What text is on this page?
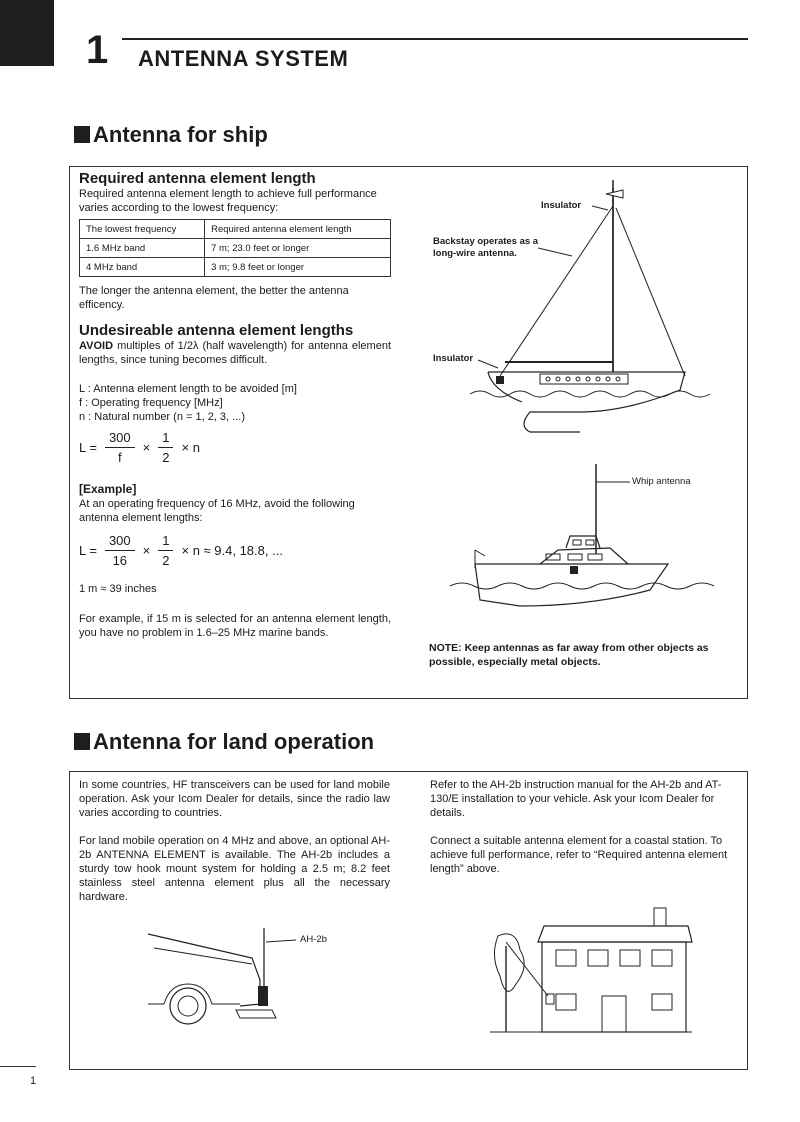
1 ANTENNA SYSTEM
Antenna for ship
Required antenna element length
Required antenna element length to achieve full performance varies according to the lowest frequency:
The lowest frequency	Required antenna element length
1.6 MHz band	7 m; 23.0 feet or longer
4 MHz band	3 m; 9.8 feet or longer
The longer the antenna element, the better the antenna efficency.
Undesireable antenna element lengths
AVOID multiples of 1/2λ (half wavelength) for antenna element lengths, since tuning becomes difficult.
L : Antenna element length to be avoided [m]
f : Operating frequency [MHz]
n : Natural number (n = 1, 2, 3, ...)
$L = \frac{300}{f} \times \frac{1}{2} \times n$
[Example]
At an operating frequency of 16 MHz, avoid the following antenna element lengths:
$L = \frac{300}{16} \times \frac{1}{2} \times n \approx 9.4$, 18.8, ...
1 m ≈ 39 inches
For example, if 15 m is selected for an antenna element length, you have no problem in 1.6–25 MHz marine bands.
Insulator
Backstay operates as a long-wire antenna.
Insulator
Whip antenna
NOTE: Keep antennas as far away from other objects as possible, especially metal objects.
Antenna for land operation
In some countries, HF transceivers can be used for land mobile operation. Ask your Icom Dealer for details, since the radio law varies according to countries.
For land mobile operation on 4 MHz and above, an optional AH-2b ANTENNA ELEMENT is available. The AH-2b includes a sturdy tow hook mount system for holding a 2.5 m; 8.2 feet stainless steel antenna element plus all the necessary hardware.
Refer to the AH-2b instruction manual for the AH-2b and AT-130/E installation to your vehicle. Ask your Icom Dealer for details.
Connect a suitable antenna element for a coastal station. To achieve full performance, refer to “Required antenna element length” above.
AH-2b
1
